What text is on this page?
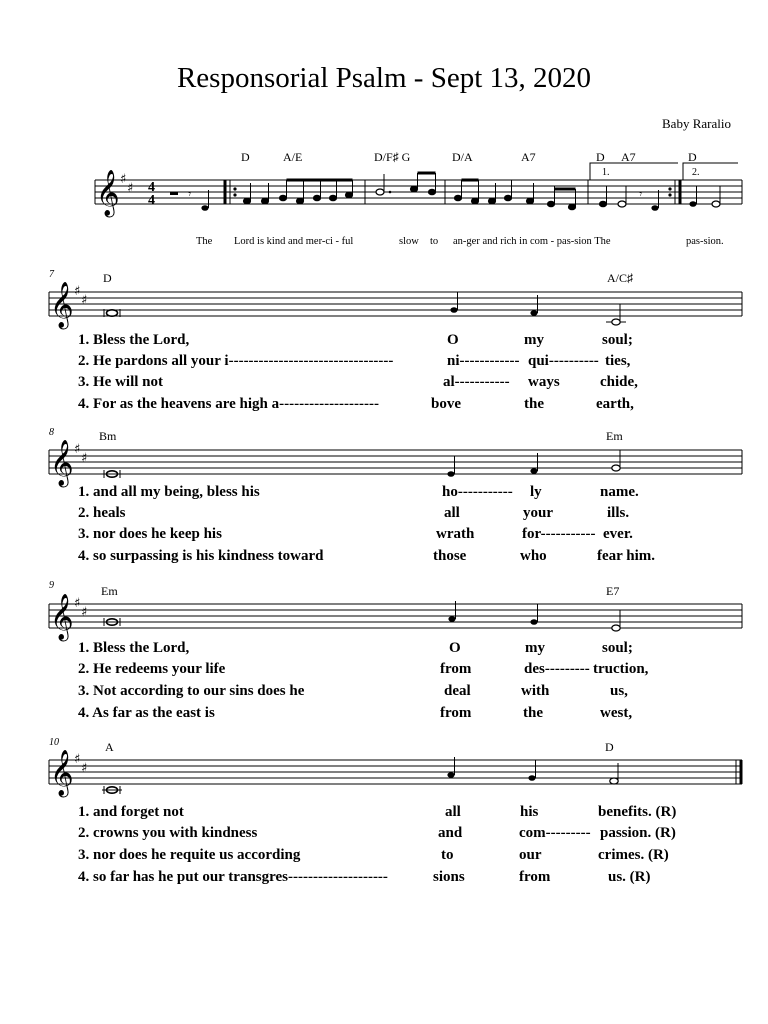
Responsorial Psalm - Sept 13, 2020
Baby Raralio
D	A/E	D/F♯ G	D/A	A7	D A7	D
1.	2.
𝄞 ♯
♯ 4
4	𝄾	𝄾
The Lord is kind and mer-ci - ful	slow to an-ger and rich in com - pas-sion The	pas-sion.
7	D	A/C♯
𝄞 ♯
♯
1. Bless the Lord,	O	my	soul;
2. He pardons all your i---------------------------------	ni------------ qui---------- ties,
3. He will not	al----------- ways	chide,
4. For as the heavens are high a--------------------	bove	the	earth,
8	Bm	Em
𝄞 ♯
♯
1. and all my being, bless his	ho----------- ly	name.
2. heals	all	your	ills.
3. nor does he keep his	wrath	for----------- ever.
4. so surpassing is his kindness toward	those	who	fear him.
9	Em	E7
𝄞 ♯
♯
1. Bless the Lord,	O	my	soul;
2. He redeems your life	from	des--------- truction,
3. Not according to our sins does he	deal	with	us,
4. As far as the east is	from	the	west,
10	A	D
𝄞 ♯
♯
1. and forget not	all	his	benefits. (R)
2. crowns you with kindness	and	com--------- passion. (R)
3. nor does he requite us according	to	our	crimes. (R)
4. so far has he put our transgres--------------------	sions	from	us. (R)
